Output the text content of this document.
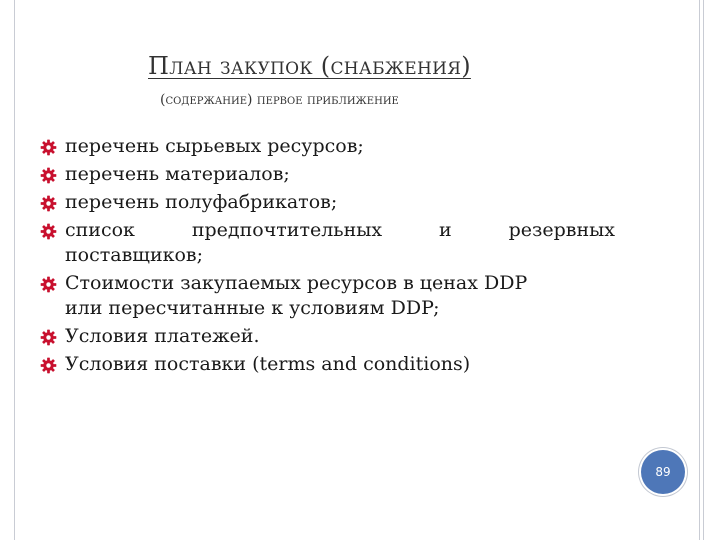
План закупок (снабжения)
(содержание) первое приближение
перечень сырьевых ресурсов;
перечень материалов;
перечень полуфабрикатов;
список предпочтительных и резервных
поставщиков;
Стоимости закупаемых ресурсов в ценах DDP
или пересчитанные к условиям DDP;
Условия платежей.
Условия поставки (terms and conditions)
89
